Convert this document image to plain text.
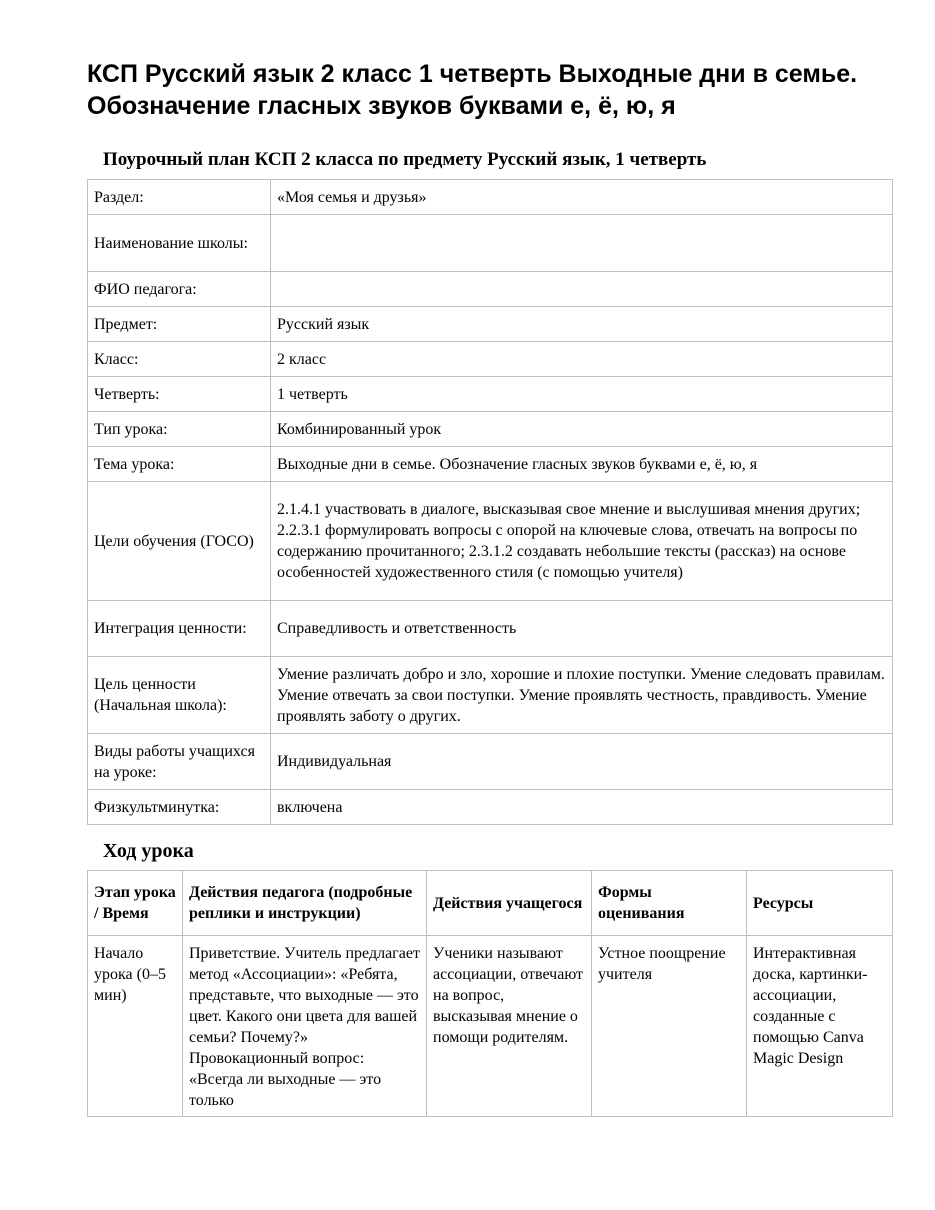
КСП Русский язык 2 класс 1 четверть Выходные дни в семье. Обозначение гласных звуков буквами е, ё, ю, я
Поурочный план КСП 2 класса по предмету Русский язык, 1 четверть
Раздел:	«Моя семья и друзья»
Наименование школы:	
ФИО педагога:	
Предмет:	Русский язык
Класс:	2 класс
Четверть:	1 четверть
Тип урока:	Комбинированный урок
Тема урока:	Выходные дни в семье. Обозначение гласных звуков буквами е, ё, ю, я
Цели обучения (ГОСО)	2.1.4.1 участвовать в диалоге, высказывая свое мнение и выслушивая мнения других; 2.2.3.1 формулировать вопросы с опорой на ключевые слова, отвечать на вопросы по содержанию прочитанного; 2.3.1.2 создавать небольшие тексты (рассказ) на основе особенностей художественного стиля (с помощью учителя)
Интеграция ценности:	Справедливость и ответственность
Цель ценности (Начальная школа):	Умение различать добро и зло, хорошие и плохие поступки. Умение следовать правилам. Умение отвечать за свои поступки. Умение проявлять честность, правдивость. Умение проявлять заботу о других.
Виды работы учащихся на уроке:	Индивидуальная
Физкультминутка:	включена
Ход урока
Этап урока / Время	Действия педагога (подробные реплики и инструкции)	Действия учащегося	Формы оценивания	Ресурсы
Начало урока (0–5 мин)	Приветствие. Учитель предлагает метод «Ассоциации»: «Ребята, представьте, что выходные — это цвет. Какого они цвета для вашей семьи? Почему?» Провокационный вопрос: «Всегда ли выходные — это только	Ученики называют ассоциации, отвечают на вопрос, высказывая мнение о помощи родителям.	Устное поощрение учителя	Интерактивная доска, картинки-ассоциации, созданные с помощью Canva Magic Design
